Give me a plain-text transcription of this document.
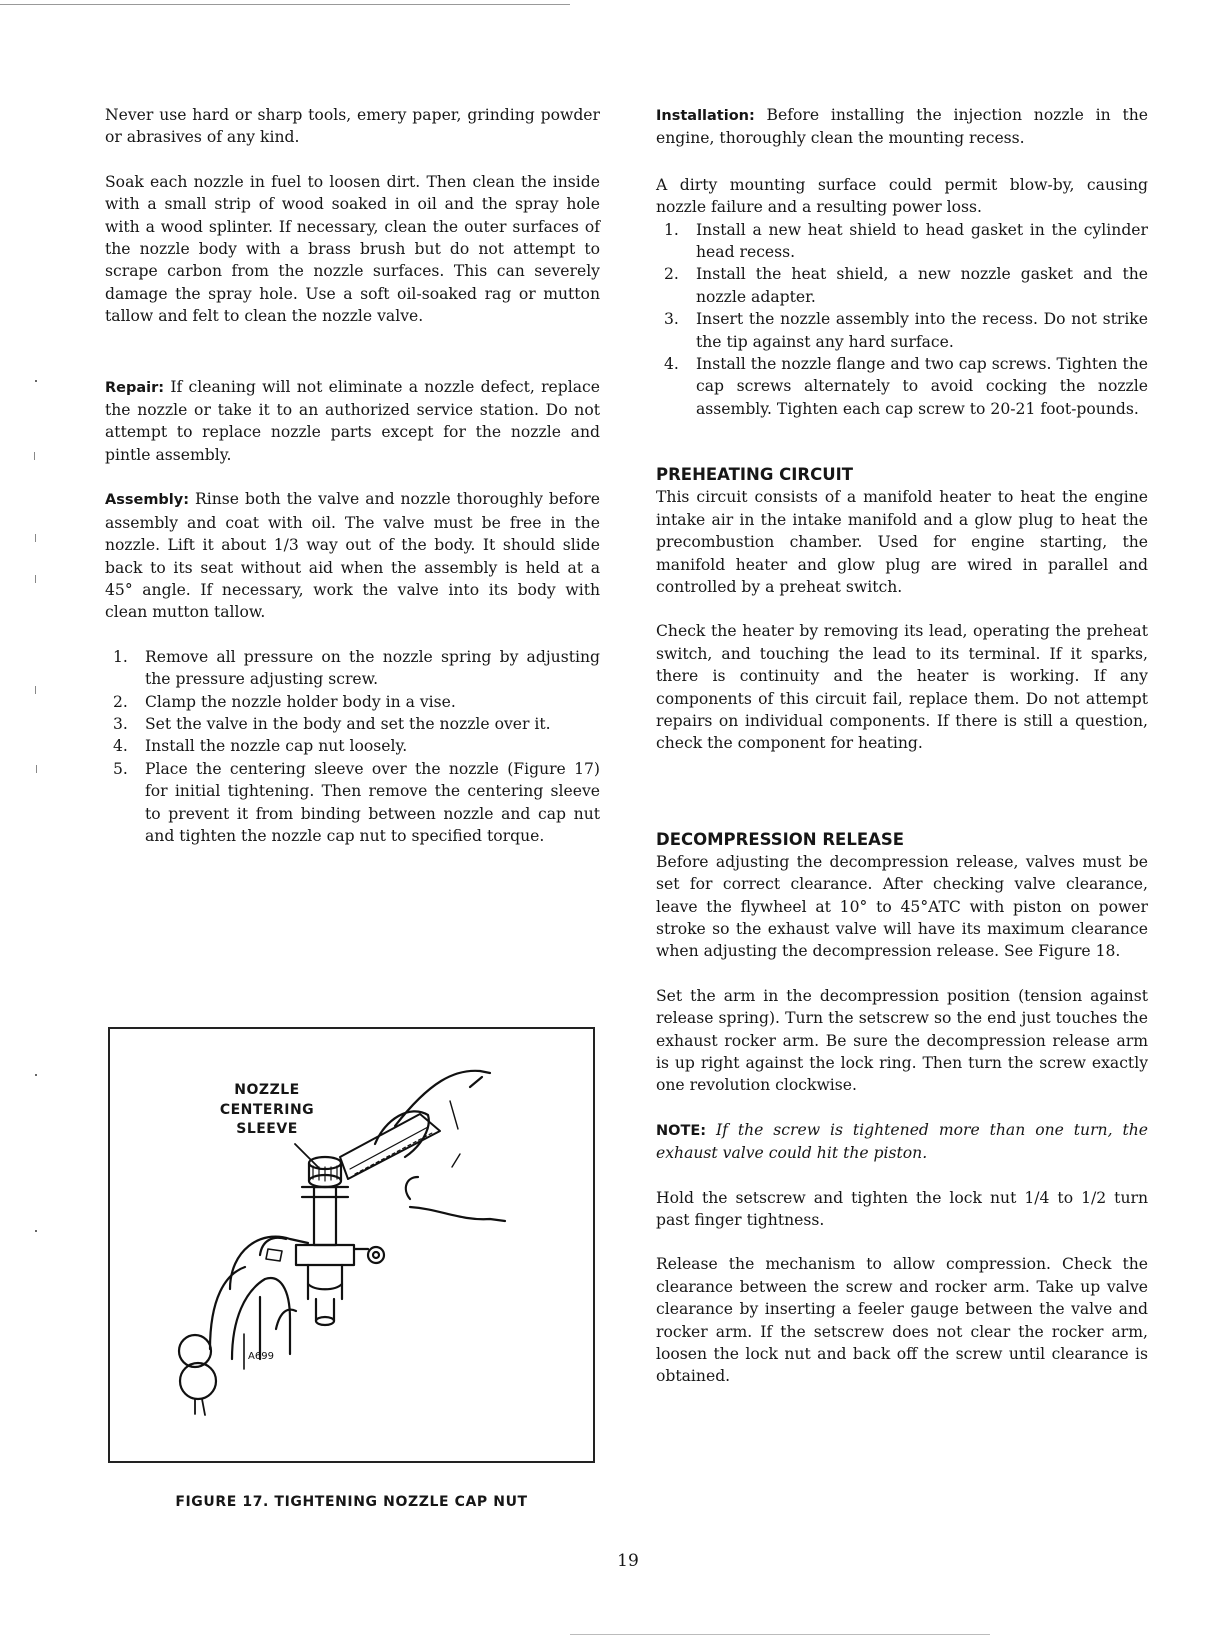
Never use hard or sharp tools, emery paper, grinding powder or abrasives of any kind.

Soak each nozzle in fuel to loosen dirt. Then clean the inside with a small strip of wood soaked in oil and the spray hole with a wood splinter. If necessary, clean the outer surfaces of the nozzle body with a brass brush but do not attempt to scrape carbon from the nozzle surfaces. This can severely damage the spray hole. Use a soft oil-soaked rag or mutton tallow and felt to clean the nozzle valve.

Repair: If cleaning will not eliminate a nozzle defect, replace the nozzle or take it to an authorized service station. Do not attempt to replace nozzle parts except for the nozzle and pintle assembly.

Assembly: Rinse both the valve and nozzle thoroughly before assembly and coat with oil. The valve must be free in the nozzle. Lift it about 1/3 way out of the body. It should slide back to its seat without aid when the assembly is held at a 45° angle. If necessary, work the valve into its body with clean mutton tallow.

1. Remove all pressure on the nozzle spring by adjusting the pressure adjusting screw.
2. Clamp the nozzle holder body in a vise.
3. Set the valve in the body and set the nozzle over it.
4. Install the nozzle cap nut loosely.
5. Place the centering sleeve over the nozzle (Figure 17) for initial tightening. Then remove the centering sleeve to prevent it from binding between nozzle and cap nut and tighten the nozzle cap nut to specified torque.
NOZZLE
CENTERING
SLEEVE
A699
FIGURE 17. TIGHTENING NOZZLE CAP NUT

Installation: Before installing the injection nozzle in the engine, thoroughly clean the mounting recess.

A dirty mounting surface could permit blow-by, causing nozzle failure and a resulting power loss.

1. Install a new heat shield to head gasket in the cylinder head recess.
2. Install the heat shield, a new nozzle gasket and the nozzle adapter.
3. Insert the nozzle assembly into the recess. Do not strike the tip against any hard surface.
4. Install the nozzle flange and two cap screws. Tighten the cap screws alternately to avoid cocking the nozzle assembly. Tighten each cap screw to 20-21 foot-pounds.
PREHEATING CIRCUIT

This circuit consists of a manifold heater to heat the engine intake air in the intake manifold and a glow plug to heat the precombustion chamber. Used for engine starting, the manifold heater and glow plug are wired in parallel and controlled by a preheat switch.

Check the heater by removing its lead, operating the preheat switch, and touching the lead to its terminal. If it sparks, there is continuity and the heater is working. If any components of this circuit fail, replace them. Do not attempt repairs on individual components. If there is still a question, check the component for heating.

DECOMPRESSION RELEASE

Before adjusting the decompression release, valves must be set for correct clearance. After checking valve clearance, leave the flywheel at 10° to 45°ATC with piston on power stroke so the exhaust valve will have its maximum clearance when adjusting the decompression release. See Figure 18.

Set the arm in the decompression position (tension against release spring). Turn the setscrew so the end just touches the exhaust rocker arm. Be sure the decompression release arm is up right against the lock ring. Then turn the screw exactly one revolution clockwise.

NOTE: If the screw is tightened more than one turn, the exhaust valve could hit the piston.

Hold the setscrew and tighten the lock nut 1/4 to 1/2 turn past finger tightness.

Release the mechanism to allow compression. Check the clearance between the screw and rocker arm. Take up valve clearance by inserting a feeler gauge between the valve and rocker arm. If the setscrew does not clear the rocker arm, loosen the lock nut and back off the screw until clearance is obtained.

19
